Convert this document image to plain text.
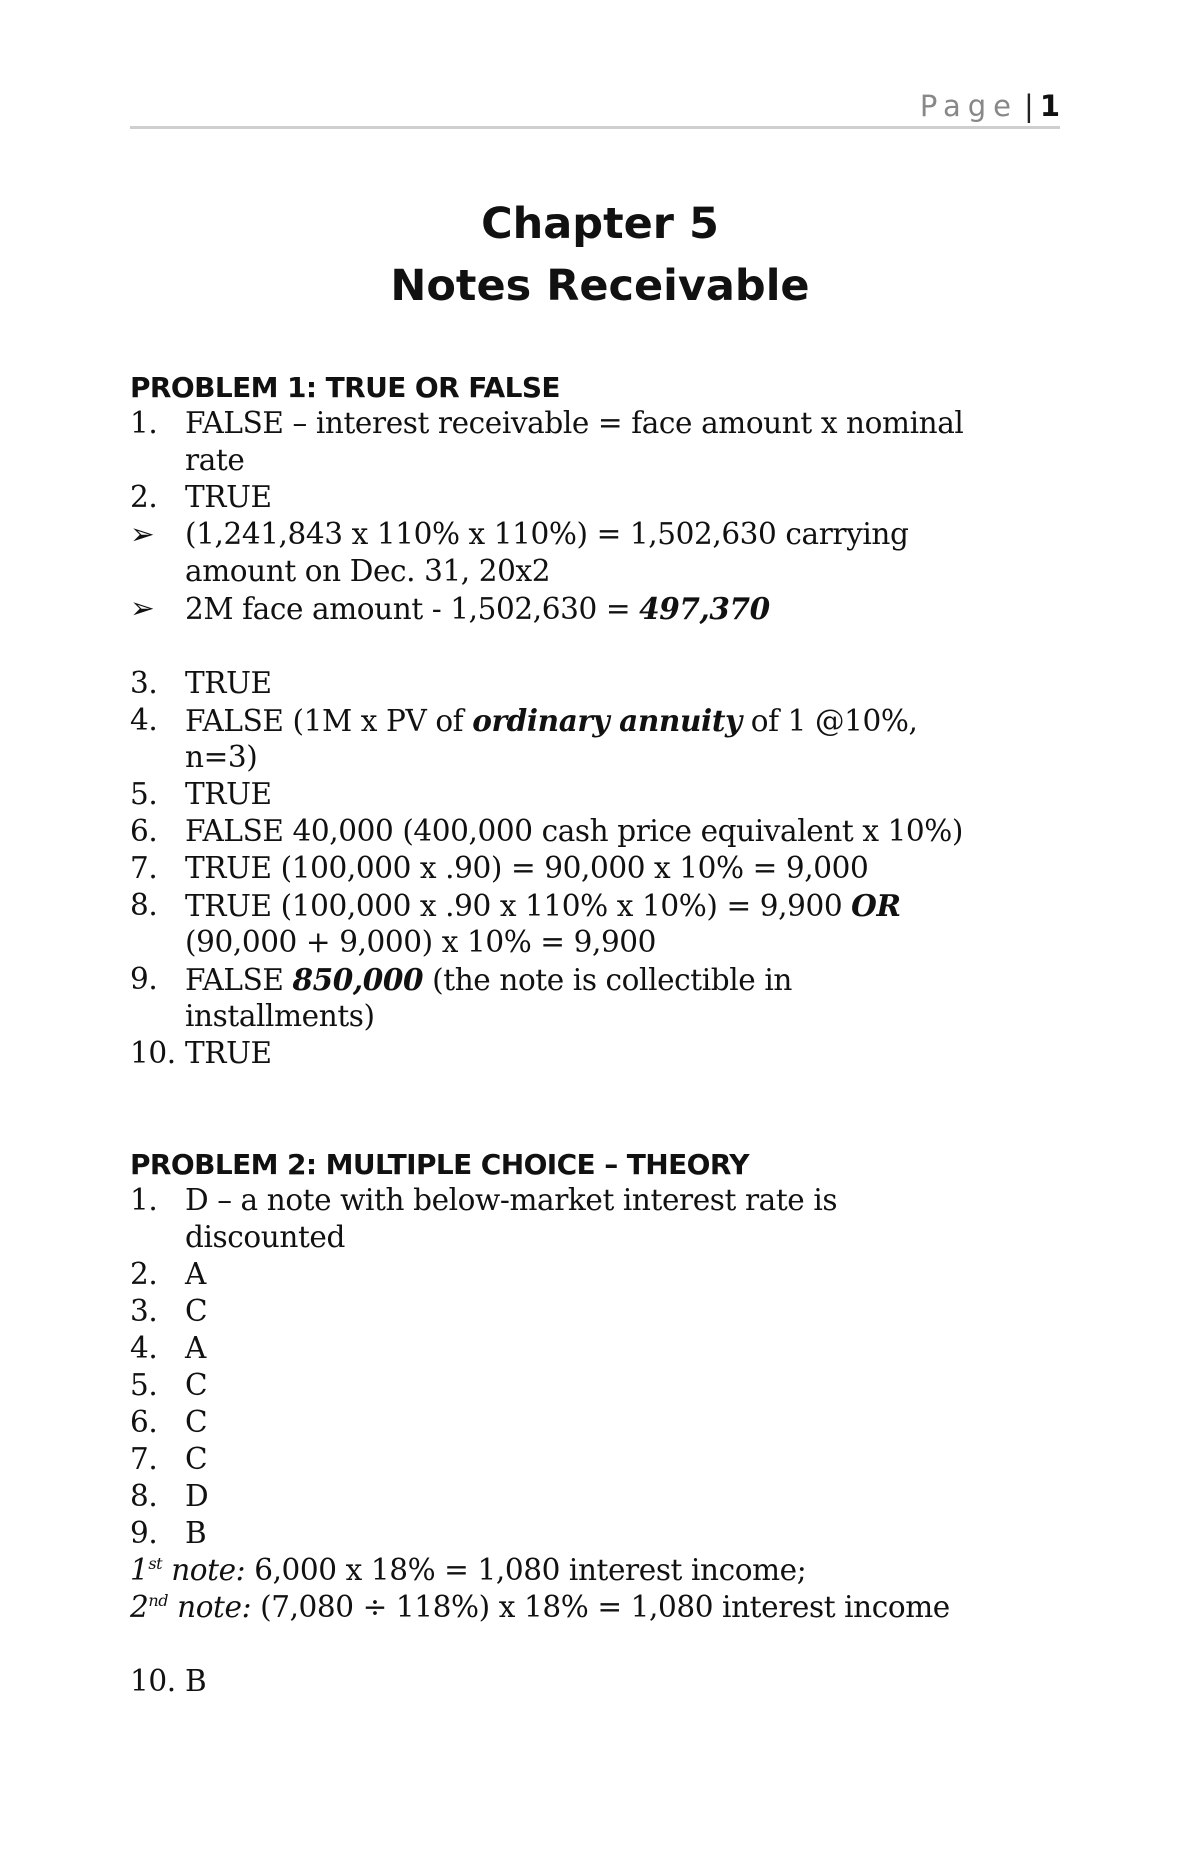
Page | 1
Chapter 5
Notes Receivable
PROBLEM 1: TRUE OR FALSE
1. FALSE – interest receivable = face amount x nominal
rate
2. TRUE
➢ (1,241,843 x 110% x 110%) = 1,502,630 carrying
amount on Dec. 31, 20x2
➢ 2M face amount - 1,502,630 = 497,370
3. TRUE
4. FALSE (1M x PV of ordinary annuity of 1 @10%,
n=3)
5. TRUE
6. FALSE 40,000 (400,000 cash price equivalent x 10%)
7. TRUE (100,000 x .90) = 90,000 x 10% = 9,000
8. TRUE (100,000 x .90 x 110% x 10%) = 9,900 OR
(90,000 + 9,000) x 10% = 9,900
9. FALSE 850,000 (the note is collectible in
installments)
10. TRUE
PROBLEM 2: MULTIPLE CHOICE – THEORY
1. D – a note with below-market interest rate is
discounted
2. A
3. C
4. A
5. C
6. C
7. C
8. D
9. B
1st note: 6,000 x 18% = 1,080 interest income;
2nd note: (7,080 ÷ 118%) x 18% = 1,080 interest income
10. B
